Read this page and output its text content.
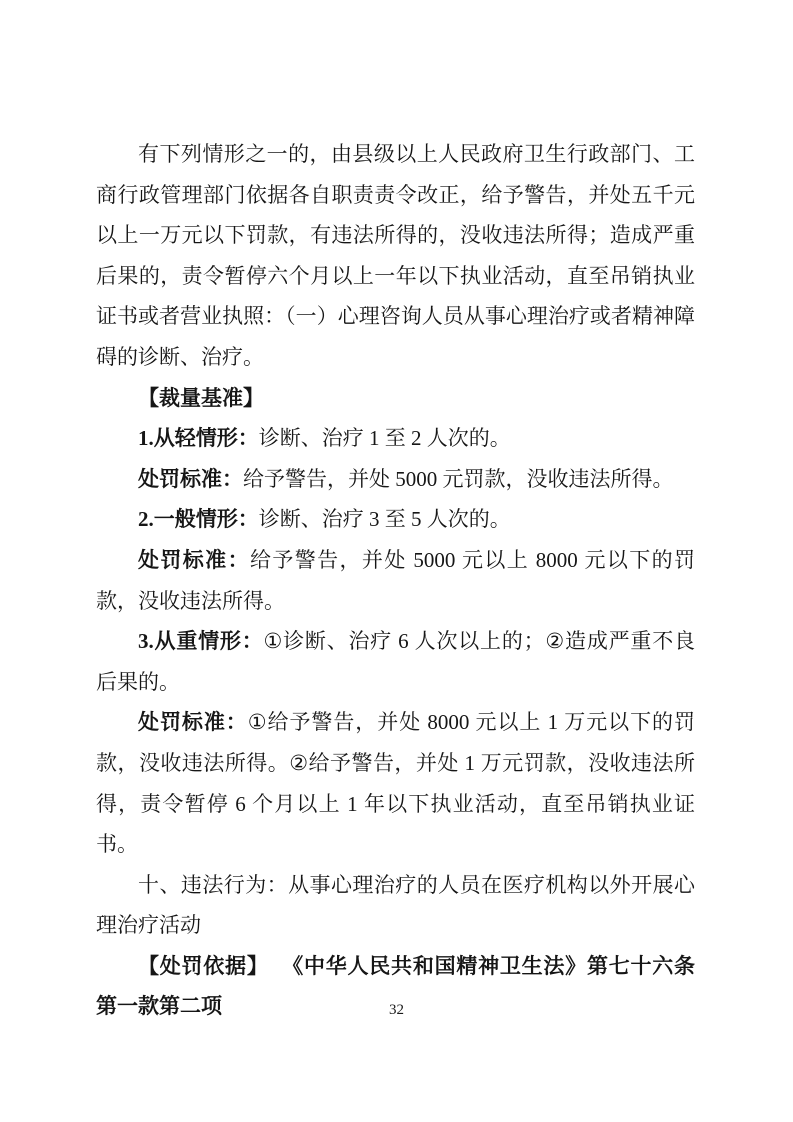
有下列情形之一的，由县级以上人民政府卫生行政部门、工商行政管理部门依据各自职责责令改正，给予警告，并处五千元以上一万元以下罚款，有违法所得的，没收违法所得；造成严重后果的，责令暂停六个月以上一年以下执业活动，直至吊销执业证书或者营业执照：（一）心理咨询人员从事心理治疗或者精神障碍的诊断、治疗。

【裁量基准】

1.从轻情形：诊断、治疗 1 至 2 人次的。

处罚标准：给予警告，并处 5000 元罚款，没收违法所得。

2.一般情形：诊断、治疗 3 至 5 人次的。

处罚标准：给予警告，并处 5000 元以上 8000 元以下的罚款，没收违法所得。

3.从重情形：①诊断、治疗 6 人次以上的；②造成严重不良后果的。

处罚标准：①给予警告，并处 8000 元以上 1 万元以下的罚款，没收违法所得。②给予警告，并处 1 万元罚款，没收违法所得，责令暂停 6 个月以上 1 年以下执业活动，直至吊销执业证书。

十、违法行为：从事心理治疗的人员在医疗机构以外开展心理治疗活动

【处罚依据】 《中华人民共和国精神卫生法》第七十六条第一款第二项	32
